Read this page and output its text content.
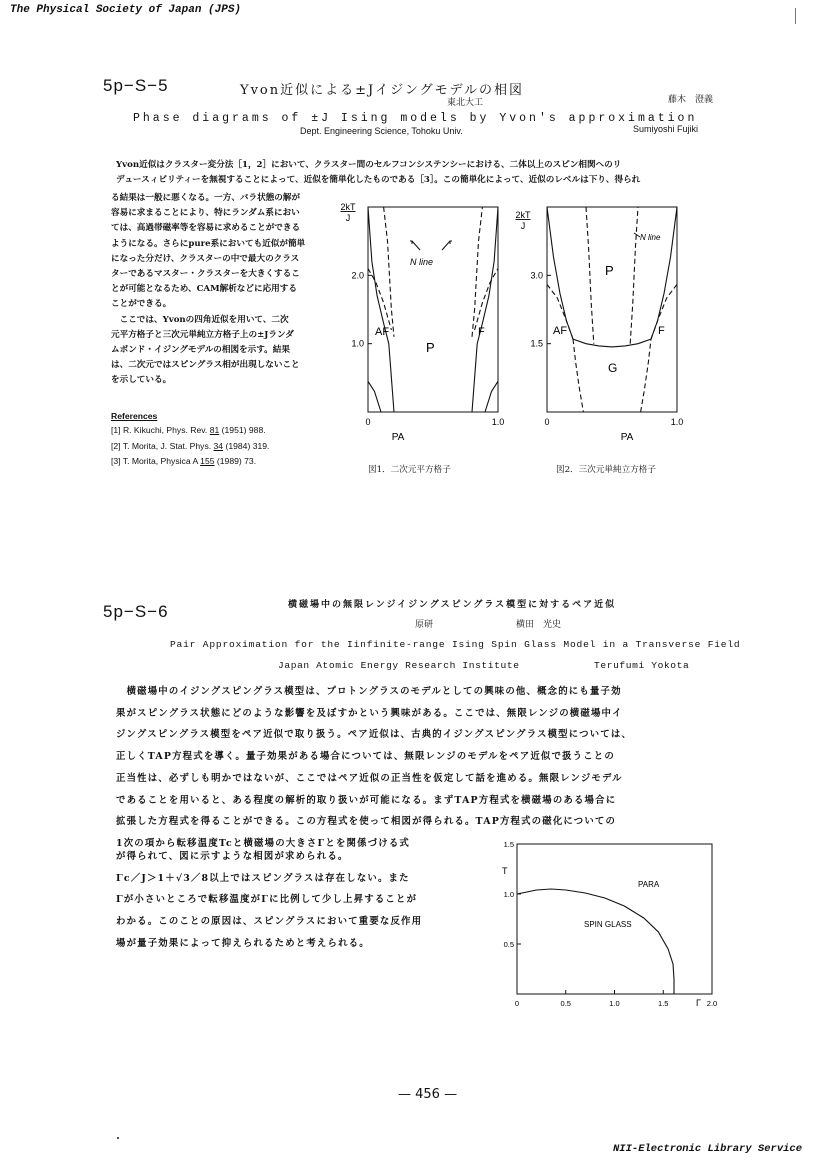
The Physical Society of Japan (JPS)
5p−S−5	Yvon近似による±Jイジングモデルの相図
東北大工	藤木　澄義
Phase diagrams of ±J Ising models by Yvon's approximation
Dept. Engineering Science, Tohoku Univ.	Sumiyoshi Fujiki
Yvon近似はクラスター変分法［1，2］において、クラスター間のセルフコンシステンシーにおける、二体以上のスピン相関へのリ
デュースィビリティーを無視することによって、近似を簡単化したものである［3］。この簡単化によって、近似のレベルは下り、得られ
る結果は一般に悪くなる。一方、バラ状態の解が
容易に求まることにより、特にランダム系におい
ては、高過帯磁率等を容易に求めることができる
ようになる。さらにpure系においても近似が簡単
になった分だけ、クラスターの中で最大のクラス
ターであるマスター・クラスターを大きくするこ
とが可能となるため、CAM解析などに応用する
ことができる。
　ここでは、Yvonの四角近似を用いて、二次
元平方格子と三次元単純立方格子上の±Jランダ
ムボンド・イジングモデルの相図を示す。結果
は、二次元ではスピングラス相が出現しないこと
を示している。
References
[1] R. Kikuchi, Phys. Rev. 81 (1951) 988.
[2] T. Morita, J. Stat. Phys. 34 (1984) 319.
[3] T. Morita, Physica A 155 (1989) 73.
2.0
1.0
0	1.0
2kT
J
PA
AF	F
P
N line
図1．二次元平方格子
3.0
1.5
0	1.0
2kT
J
PA
AF	F
P
G
N line
図2．三次元単純立方格子
5p−S−6	横磁場中の無限レンジイジングスピングラス模型に対するペア近似
原研	横田　光史
Pair Approximation for the Iinfinite-range Ising Spin Glass Model in a Transverse Field
Japan Atomic Energy Research Institute	Terufumi Yokota
　横磁場中のイジングスピングラス模型は、プロトングラスのモデルとしての興味の他、概念的にも量子効
果がスピングラス状態にどのような影響を及ぼすかという興味がある。ここでは、無限レンジの横磁場中イ
ジングスピングラス模型をペア近似で取り扱う。ペア近似は、古典的イジングスピングラス模型については、
正しくTAP方程式を導く。量子効果がある場合については、無限レンジのモデルをペア近似で扱うことの
正当性は、必ずしも明かではないが、ここではペア近似の正当性を仮定して話を進める。無限レンジモデル
であることを用いると、ある程度の解析的取り扱いが可能になる。まずTAP方程式を横磁場のある場合に
拡張した方程式を得ることができる。この方程式を使って相図が得られる。TAP方程式の磁化についての
1次の項から転移温度Tcと横磁場の大きさΓとを関係づける式
が得られて、図に示すような相図が求められる。
Γc／J＞1＋√3／8以上ではスピングラスは存在しない。また
Γが小さいところで転移温度がΓに比例して少し上昇することが
わかる。このことの原因は、スピングラスにおいて重要な反作用
場が量子効果によって抑えられるためと考えられる。
1.5
1.0
0.5
0	0.5	1.0	1.5	2.0
T
Γ
PARA
SPIN GLASS
— 456 —
NII-Electronic Library Service
